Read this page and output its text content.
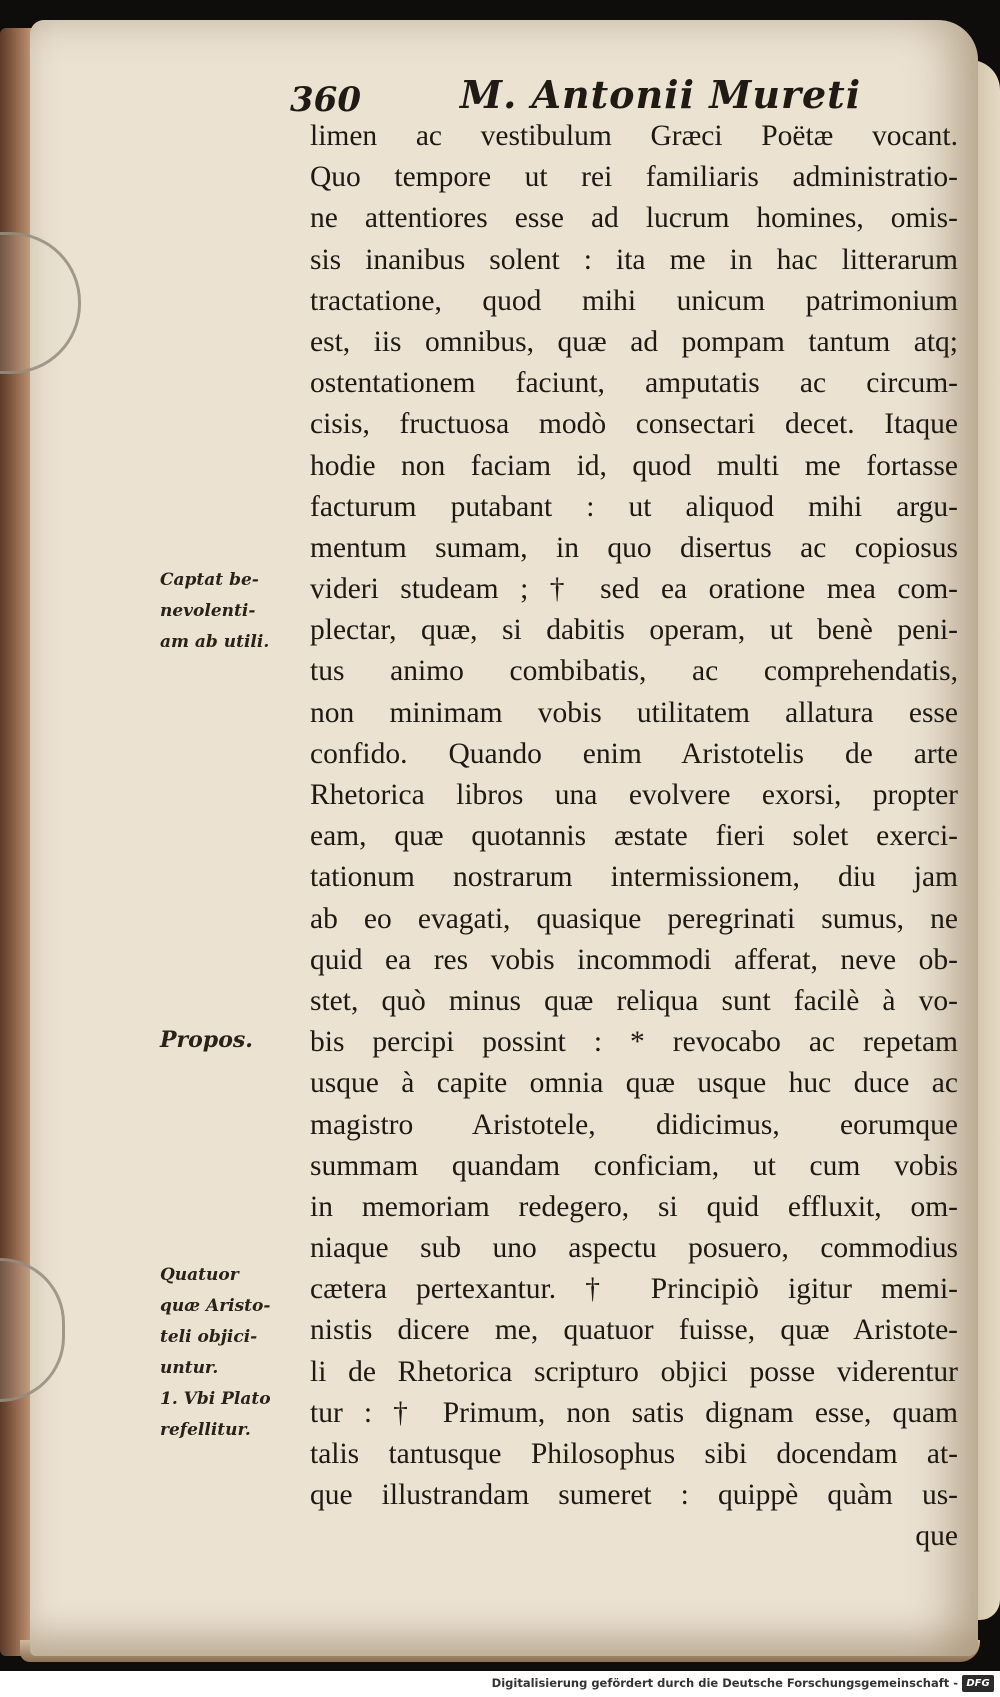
360	M. Antonii Mureti
limen ac vestibulum Græci Poëtæ vocant.
Quo tempore ut rei familiaris administratio-
ne attentiores esse ad lucrum homines, omis-
sis inanibus solent : ita me in hac litterarum
tractatione, quod mihi unicum patrimonium
est, iis omnibus, quæ ad pompam tantum atq;
ostentationem faciunt, amputatis ac circum-
cisis, fructuosa modò consectari decet. Itaque
hodie non faciam id, quod multi me fortasse
facturum putabant : ut aliquod mihi argu-
mentum sumam, in quo disertus ac copiosus
videri studeam ; † sed ea oratione mea com-
plectar, quæ, si dabitis operam, ut benè peni-
tus animo combibatis, ac comprehendatis,
non minimam vobis utilitatem allatura esse
confido. Quando enim Aristotelis de arte
Rhetorica libros una evolvere exorsi, propter
eam, quæ quotannis æstate fieri solet exerci-
tationum nostrarum intermissionem, diu jam
ab eo evagati, quasique peregrinati sumus, ne
quid ea res vobis incommodi afferat, neve ob-
stet, quò minus quæ reliqua sunt facilè à vo-
bis percipi possint : * revocabo ac repetam
usque à capite omnia quæ usque huc duce ac
magistro Aristotele, didicimus, eorumque
summam quandam conficiam, ut cum vobis
in memoriam redegero, si quid effluxit, om-
niaque sub uno aspectu posuero, commodius
cætera pertexantur. † Principiò igitur memi-
nistis dicere me, quatuor fuisse, quæ Aristote-
li de Rhetorica scripturo objici posse viderentur
tur : † Primum, non satis dignam esse, quam
talis tantusque Philosophus sibi docendam at-
que illustrandam sumeret : quippè quàm us-
que
Captat be-
nevolenti-
am ab utili.
Propos.
Quatuor
quæ Aristo-
teli objici-
untur.
1. Vbi Plato
refellitur.
Digitalisierung gefördert durch die Deutsche Forschungsgemeinschaft - DFG
